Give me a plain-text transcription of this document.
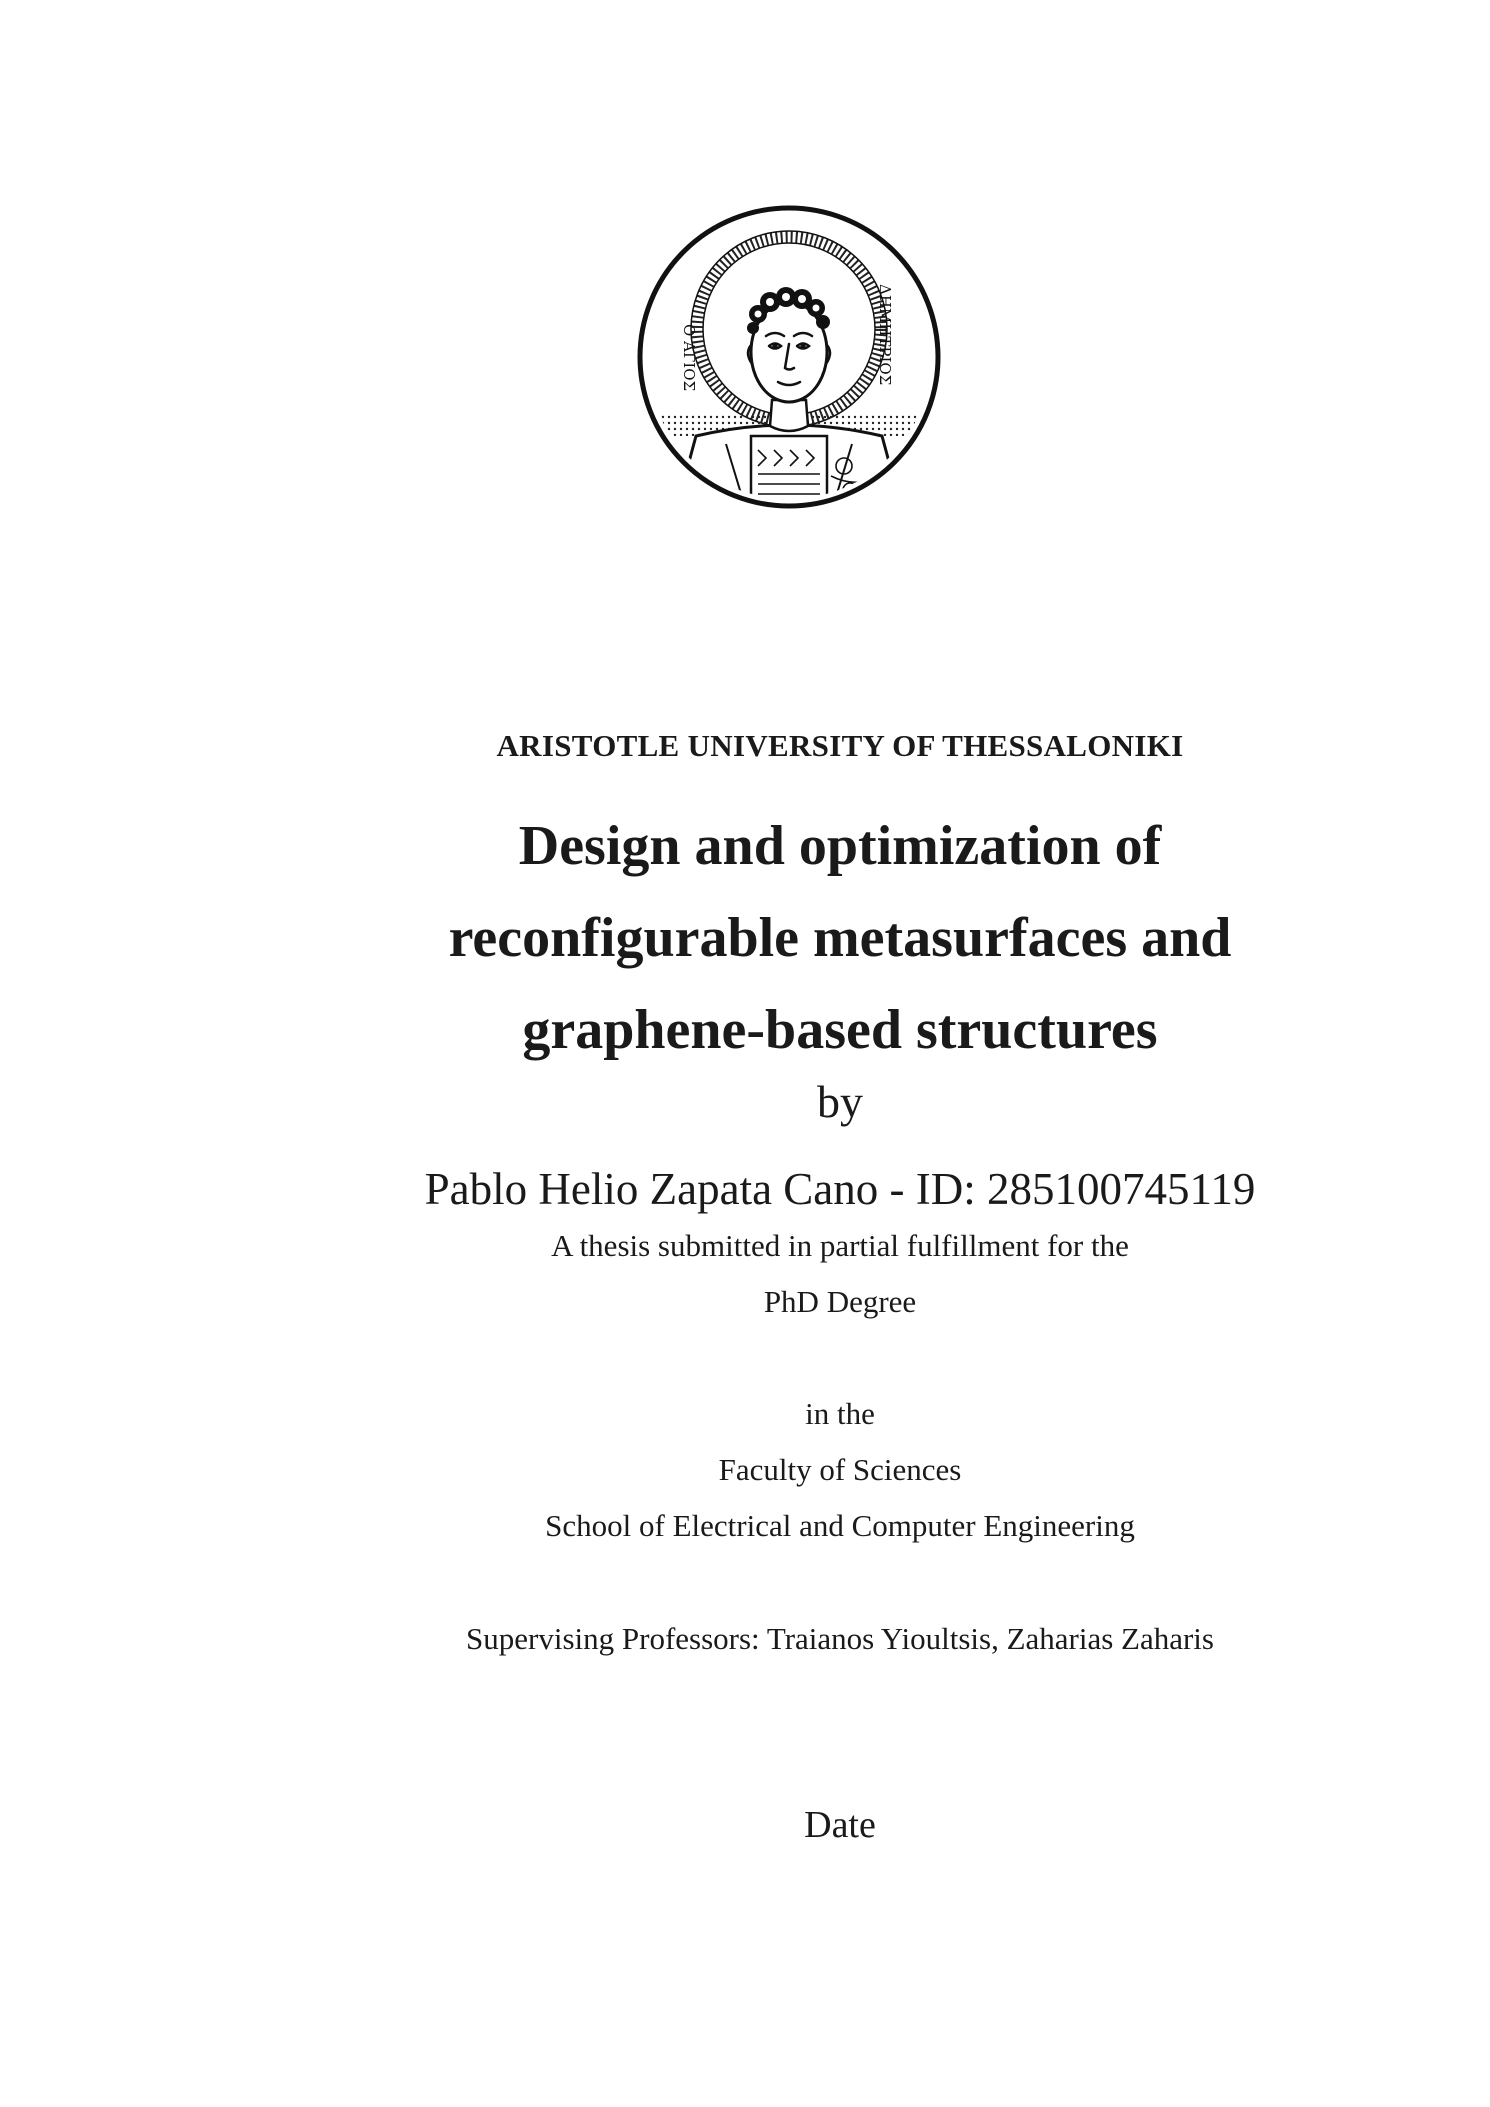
Ο ΑΓΙΟΣ	ΔΗΜΗΤΡΙΟΣ
ARISTOTLE UNIVERSITY OF THESSALONIKI
Design and optimization of
reconfigurable metasurfaces and
graphene-based structures
by
Pablo Helio Zapata Cano - ID: 285100745119
A thesis submitted in partial fulfillment for the
PhD Degree
in the
Faculty of Sciences
School of Electrical and Computer Engineering
Supervising Professors: Traianos Yioultsis, Zaharias Zaharis
Date
